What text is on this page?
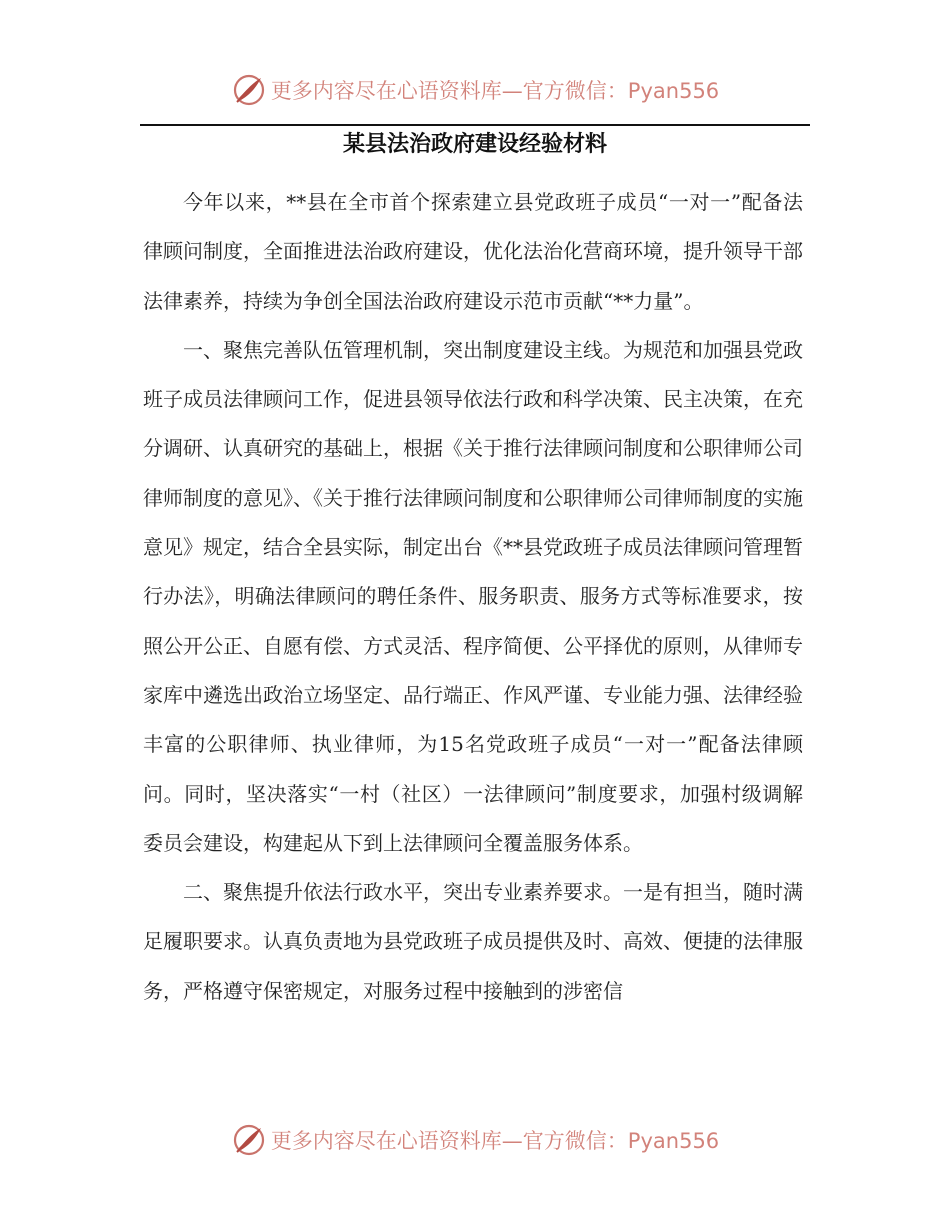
更多内容尽在心语资料库—官方微信：Pyan556
某县法治政府建设经验材料

今年以来，**县在全市首个探索建立县党政班子成员“一对一”配备法律顾问制度，全面推进法治政府建设，优化法治化营商环境，提升领导干部法律素养，持续为争创全国法治政府建设示范市贡献“**力量”。

一、聚焦完善队伍管理机制，突出制度建设主线。为规范和加强县党政班子成员法律顾问工作，促进县领导依法行政和科学决策、民主决策，在充分调研、认真研究的基础上，根据《关于推行法律顾问制度和公职律师公司律师制度的意见》、《关于推行法律顾问制度和公职律师公司律师制度的实施意见》规定，结合全县实际，制定出台《**县党政班子成员法律顾问管理暂行办法》，明确法律顾问的聘任条件、服务职责、服务方式等标准要求，按照公开公正、自愿有偿、方式灵活、程序简便、公平择优的原则，从律师专家库中遴选出政治立场坚定、品行端正、作风严谨、专业能力强、法律经验丰富的公职律师、执业律师，为15名党政班子成员“一对一”配备法律顾问。同时，坚决落实“一村（社区）一法律顾问”制度要求，加强村级调解委员会建设，构建起从下到上法律顾问全覆盖服务体系。

二、聚焦提升依法行政水平，突出专业素养要求。一是有担当，随时满足履职要求。认真负责地为县党政班子成员提供及时、高效、便捷的法律服务，严格遵守保密规定，对服务过程中接触到的涉密信

更多内容尽在心语资料库—官方微信：Pyan556
